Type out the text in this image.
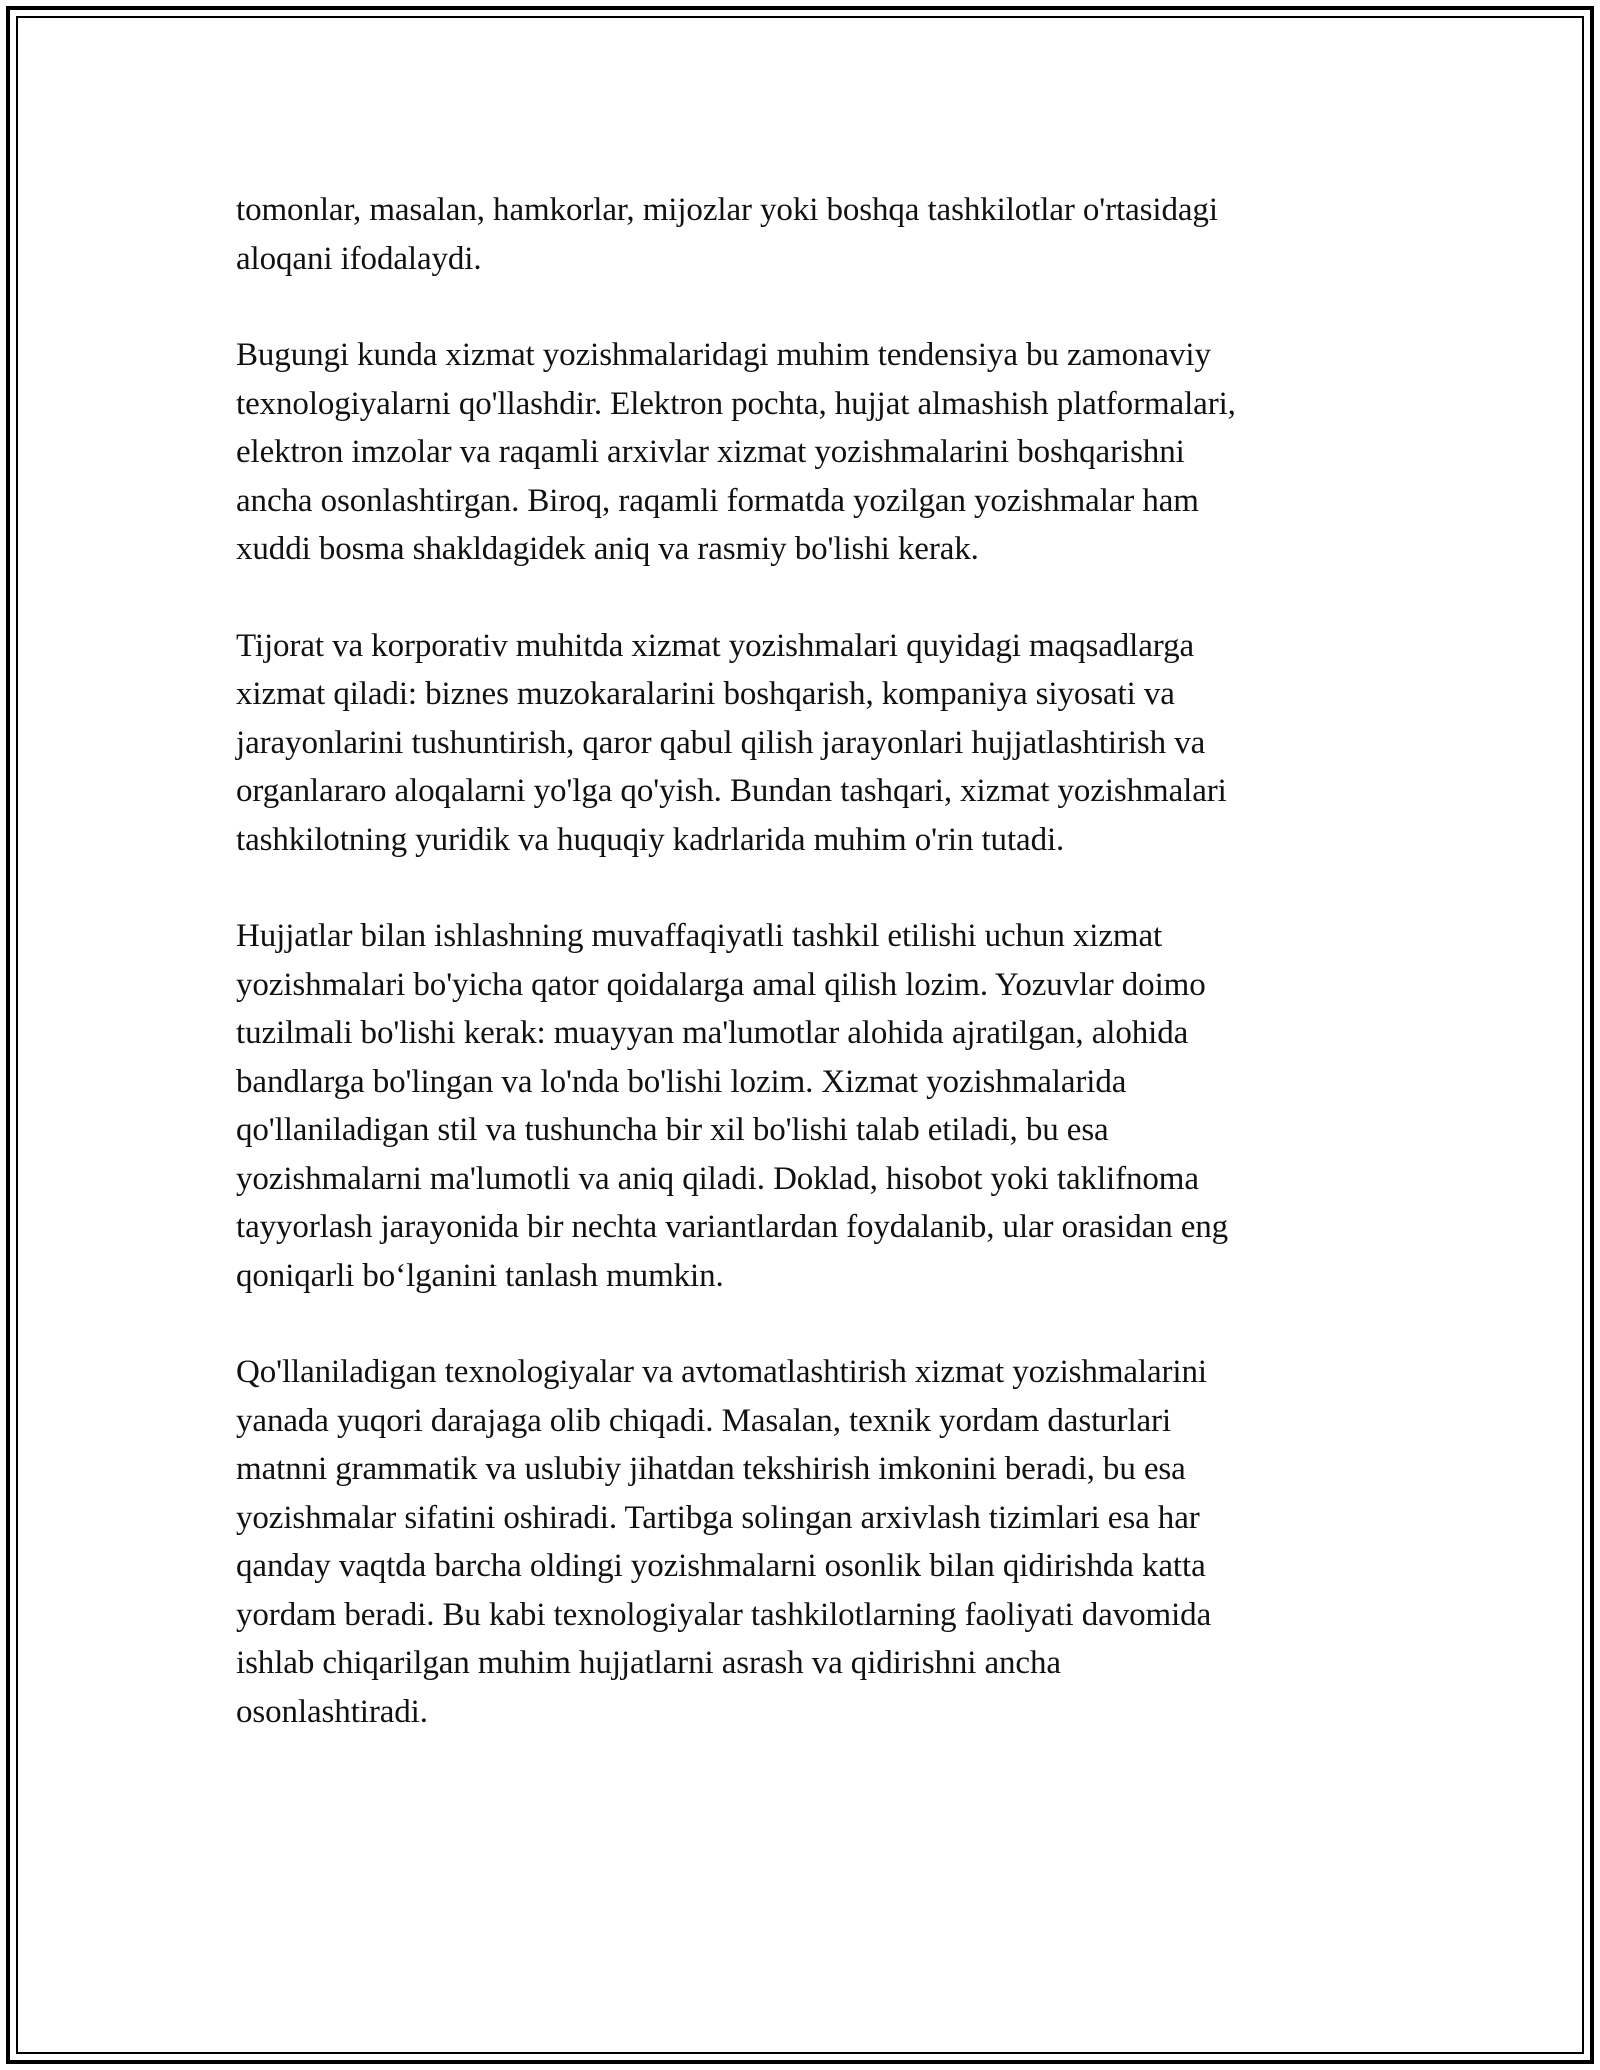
tomonlar, masalan, hamkorlar, mijozlar yoki boshqa tashkilotlar o'rtasidagi
aloqani ifodalaydi.

Bugungi kunda xizmat yozishmalaridagi muhim tendensiya bu zamonaviy
texnologiyalarni qo'llashdir. Elektron pochta, hujjat almashish platformalari,
elektron imzolar va raqamli arxivlar xizmat yozishmalarini boshqarishni
ancha osonlashtirgan. Biroq, raqamli formatda yozilgan yozishmalar ham
xuddi bosma shakldagidek aniq va rasmiy bo'lishi kerak.

Tijorat va korporativ muhitda xizmat yozishmalari quyidagi maqsadlarga
xizmat qiladi: biznes muzokaralarini boshqarish, kompaniya siyosati va
jarayonlarini tushuntirish, qaror qabul qilish jarayonlari hujjatlashtirish va
organlararo aloqalarni yo'lga qo'yish. Bundan tashqari, xizmat yozishmalari
tashkilotning yuridik va huquqiy kadrlarida muhim o'rin tutadi.

Hujjatlar bilan ishlashning muvaffaqiyatli tashkil etilishi uchun xizmat
yozishmalari bo'yicha qator qoidalarga amal qilish lozim. Yozuvlar doimo
tuzilmali bo'lishi kerak: muayyan ma'lumotlar alohida ajratilgan, alohida
bandlarga bo'lingan va lo'nda bo'lishi lozim. Xizmat yozishmalarida
qo'llaniladigan stil va tushuncha bir xil bo'lishi talab etiladi, bu esa
yozishmalarni ma'lumotli va aniq qiladi. Doklad, hisobot yoki taklifnoma
tayyorlash jarayonida bir nechta variantlardan foydalanib, ular orasidan eng
qoniqarli bo‘lganini tanlash mumkin.

Qo'llaniladigan texnologiyalar va avtomatlashtirish xizmat yozishmalarini
yanada yuqori darajaga olib chiqadi. Masalan, texnik yordam dasturlari
matnni grammatik va uslubiy jihatdan tekshirish imkonini beradi, bu esa
yozishmalar sifatini oshiradi. Tartibga solingan arxivlash tizimlari esa har
qanday vaqtda barcha oldingi yozishmalarni osonlik bilan qidirishda katta
yordam beradi. Bu kabi texnologiyalar tashkilotlarning faoliyati davomida
ishlab chiqarilgan muhim hujjatlarni asrash va qidirishni ancha
osonlashtiradi.
